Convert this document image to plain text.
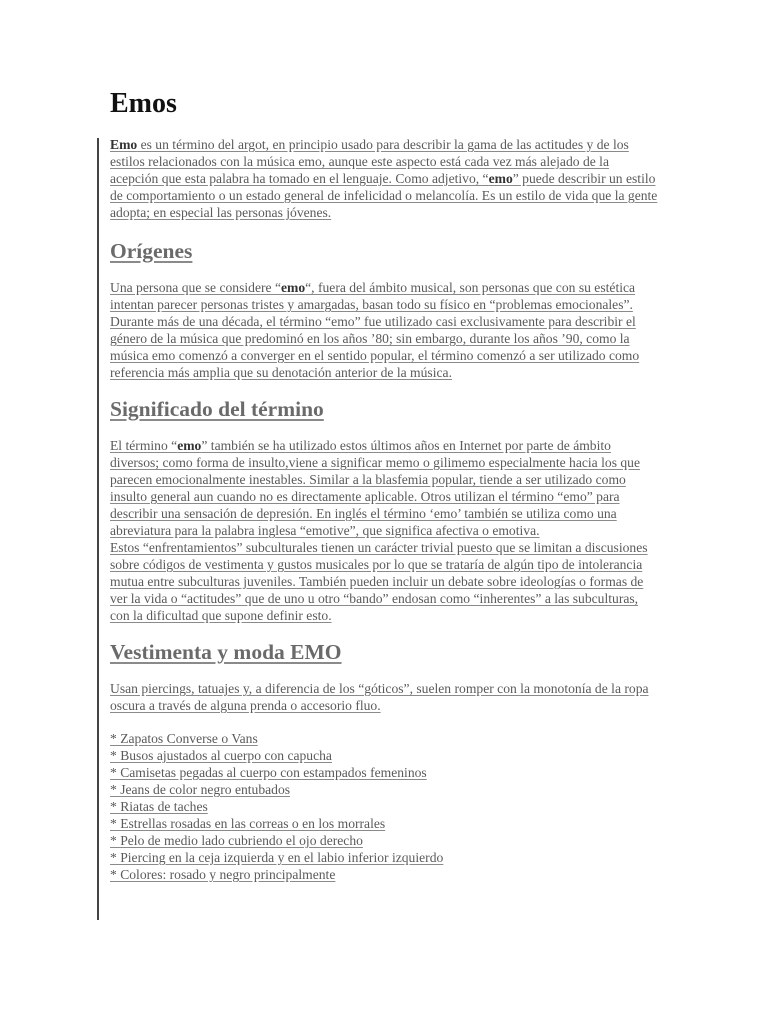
Emos

Emo es un término del argot, en principio usado para describir la gama de las actitudes y de los estilos relacionados con la música emo, aunque este aspecto está cada vez más alejado de la acepción que esta palabra ha tomado en el lenguaje. Como adjetivo, “emo” puede describir un estilo de comportamiento o un estado general de infelicidad o melancolía. Es un estilo de vida que la gente adopta; en especial las personas jóvenes.

Orígenes

Una persona que se considere “emo“, fuera del ámbito musical, son personas que con su estética intentan parecer personas tristes y amargadas, basan todo su físico en “problemas emocionales”. Durante más de una década, el término “emo” fue utilizado casi exclusivamente para describir el género de la música que predominó en los años ’80; sin embargo, durante los años ’90, como la música emo comenzó a converger en el sentido popular, el término comenzó a ser utilizado como referencia más amplia que su denotación anterior de la música.

Significado del término

El término “emo” también se ha utilizado estos últimos años en Internet por parte de ámbito diversos; como forma de insulto,viene a significar memo o gilimemo especialmente hacia los que parecen emocionalmente inestables. Similar a la blasfemia popular, tiende a ser utilizado como insulto general aun cuando no es directamente aplicable. Otros utilizan el término “emo” para describir una sensación de depresión. En inglés el término ‘emo’ también se utiliza como una abreviatura para la palabra inglesa “emotive”, que significa afectiva o emotiva.

Estos “enfrentamientos” subculturales tienen un carácter trivial puesto que se limitan a discusiones sobre códigos de vestimenta y gustos musicales por lo que se trataría de algún tipo de intolerancia mutua entre subculturas juveniles. También pueden incluir un debate sobre ideologías o formas de ver la vida o “actitudes” que de uno u otro “bando” endosan como “inherentes” a las subculturas, con la dificultad que supone definir esto.

Vestimenta y moda EMO

Usan piercings, tatuajes y, a diferencia de los “góticos”, suelen romper con la monotonía de la ropa oscura a través de alguna prenda o accesorio fluo.

* Zapatos Converse o Vans
* Busos ajustados al cuerpo con capucha
* Camisetas pegadas al cuerpo con estampados femeninos
* Jeans de color negro entubados
* Riatas de taches
* Estrellas rosadas en las correas o en los morrales
* Pelo de medio lado cubriendo el ojo derecho
* Piercing en la ceja izquierda y en el labio inferior izquierdo
* Colores: rosado y negro principalmente
